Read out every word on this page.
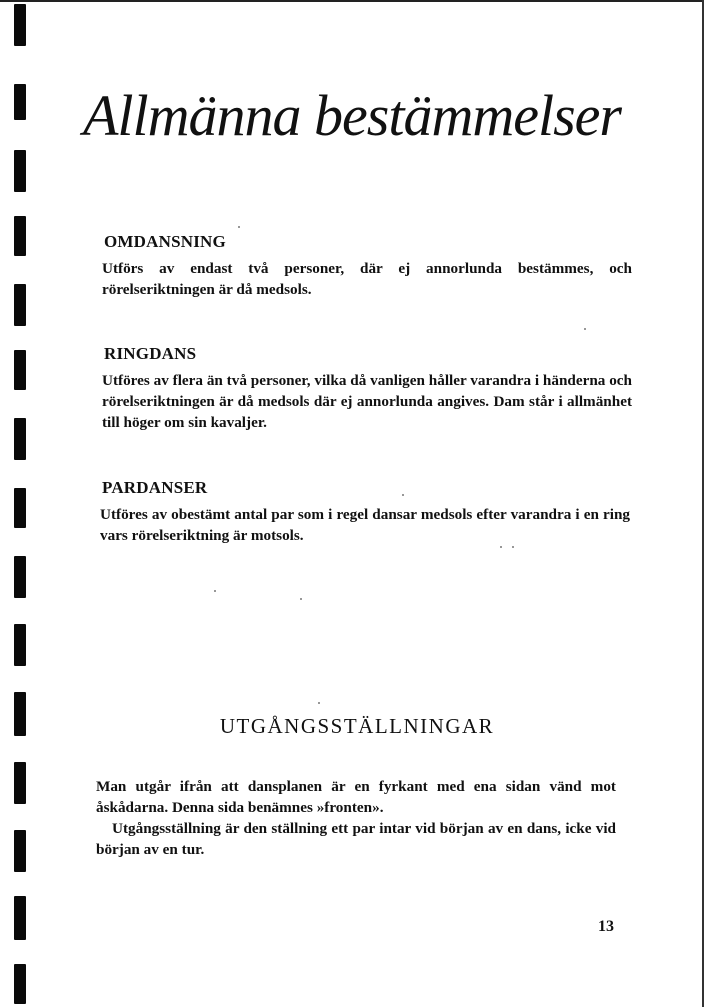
Allmänna bestämmelser
OMDANSNING

Utförs av endast två personer, där ej annorlunda bestämmes, och rörelseriktningen är då medsols.

RINGDANS

Utföres av flera än två personer, vilka då vanligen håller varandra i händerna och rörelseriktningen är då medsols där ej annorlunda angives. Dam står i allmänhet till höger om sin kavaljer.

PARDANSER

Utföres av obestämt antal par som i regel dansar medsols efter varandra i en ring vars rörelseriktning är motsols.

UTGÅNGSSTÄLLNINGAR

Man utgår ifrån att dansplanen är en fyrkant med ena sidan vänd mot åskådarna. Denna sida benämnes »fronten».

Utgångsställning är den ställning ett par intar vid början av en dans, icke vid början av en tur.

13
